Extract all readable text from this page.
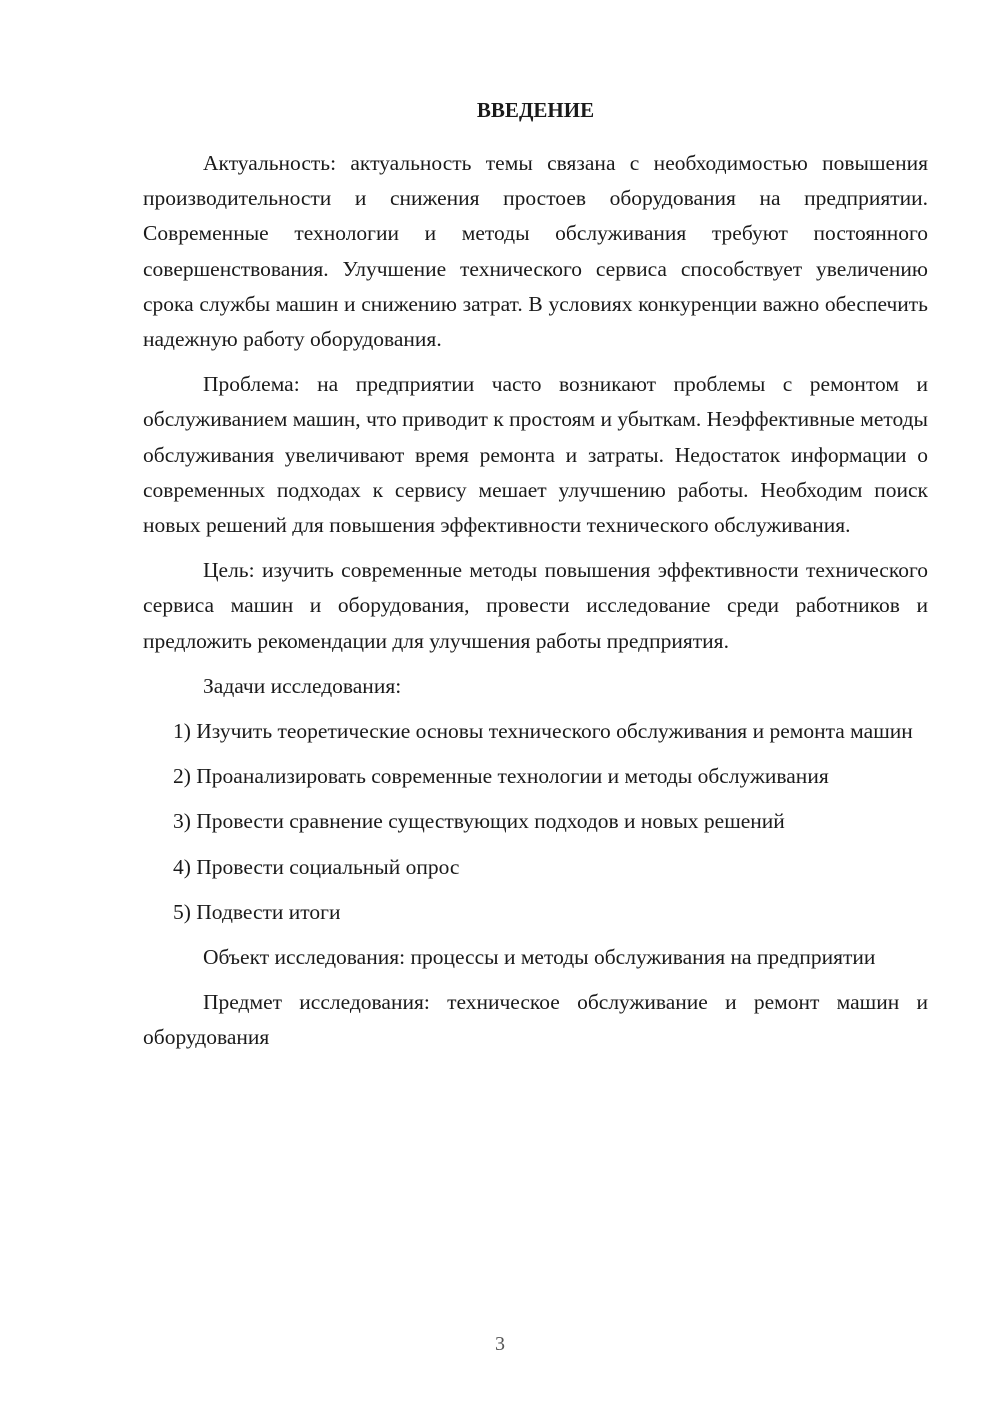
ВВЕДЕНИЕ

Актуальность: актуальность темы связана с необходимостью повышения производительности и снижения простоев оборудования на предприятии. Современные технологии и методы обслуживания требуют постоянного совершенствования. Улучшение технического сервиса способствует увеличению срока службы машин и снижению затрат. В условиях конкуренции важно обеспечить надежную работу оборудования.

Проблема: на предприятии часто возникают проблемы с ремонтом и обслуживанием машин, что приводит к простоям и убыткам. Неэффективные методы обслуживания увеличивают время ремонта и затраты. Недостаток информации о современных подходах к сервису мешает улучшению работы. Необходим поиск новых решений для повышения эффективности технического обслуживания.

Цель: изучить современные методы повышения эффективности технического сервиса машин и оборудования, провести исследование среди работников и предложить рекомендации для улучшения работы предприятия.

Задачи исследования:

1) Изучить теоретические основы технического обслуживания и ремонта машин

2) Проанализировать современные технологии и методы обслуживания

3) Провести сравнение существующих подходов и новых решений

4) Провести социальный опрос

5) Подвести итоги

Объект исследования: процессы и методы обслуживания на предприятии

Предмет исследования: техническое обслуживание и ремонт машин и оборудования

3
